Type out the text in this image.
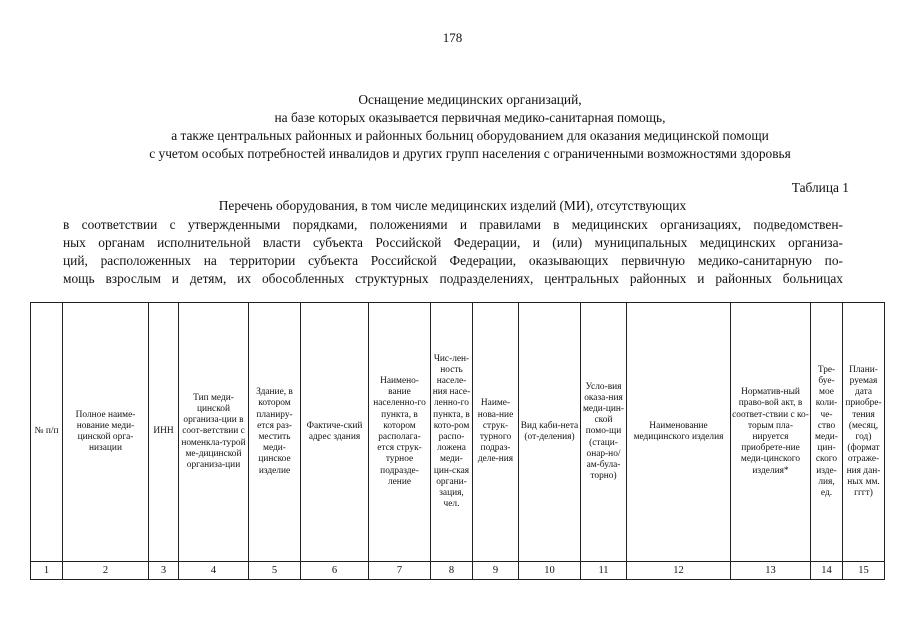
178
Оснащение медицинских организаций,
на базе которых оказывается первичная медико-санитарная помощь,
а также центральных районных и районных больниц оборудованием для оказания медицинской помощи
с учетом особых потребностей инвалидов и других групп населения с ограниченными возможностями здоровья
Таблица 1
Перечень оборудования, в том числе медицинских изделий (МИ), отсутствующих
в соответствии с утвержденными порядками, положениями и правилами в медицинских организациях, подведомствен-
ных органам исполнительной власти субъекта Российской Федерации, и (или) муниципальных медицинских организа-
ций, расположенных на территории субъекта Российской Федерации, оказывающих первичную медико-санитарную по-
мощь взрослым и детям, их обособленных структурных подразделениях, центральных районных и районных больницах
№ п/п	Полное наиме-нование меди-цинской орга-низации	ИНН	Тип меди-цинской организа-ции в соот-ветствии с номенкла-турой ме-дицинской организа-ции	Здание, в котором планиру-ется раз-местить меди-цинское изделие	Фактиче-ский адрес здания	Наимено-вание населенно-го пункта, в котором располага-ется струк-турное подразде-ление	Чис-лен-ность населе-ния насе-ленно-го пункта, в кото-ром распо-ложена меди-цин-ская органи-зация, чел.	Наиме-нова-ние струк-турного подраз-деле-ния	Вид каби-нета (от-деления)	Усло-вия оказа-ния меди-цин-ской помо-щи (стаци-онар-но/ам-була-торно)	Наименование медицинского изделия	Норматив-ный право-вой акт, в соответ-ствии с ко-торым пла-нируется приобрете-ние меди-цинского изделия*	Тре-буе-мое коли-че-ство меди-цин-ского изде-лия, ед.	Плани-руемая дата приобре-тения (месяц, год) (формат отраже-ния дан-ных мм. гггт)
1	2	3	4	5	6	7	8	9	10	11	12	13	14	15
